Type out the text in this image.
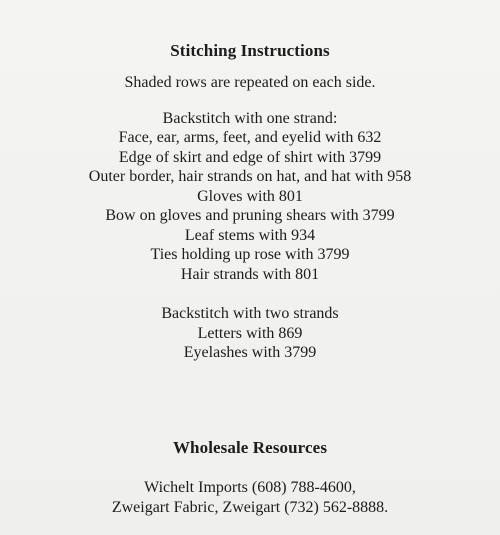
Stitching Instructions
Shaded rows are repeated on each side.
Backstitch with one strand:
Face, ear, arms, feet, and eyelid with 632
Edge of skirt and edge of shirt with 3799
Outer border, hair strands on hat, and hat with 958
Gloves with 801
Bow on gloves and pruning shears with 3799
Leaf stems with 934
Ties holding up rose with 3799
Hair strands with 801
Backstitch with two strands
Letters with 869
Eyelashes with 3799
Wholesale Resources
Wichelt Imports (608) 788-4600,
Zweigart Fabric, Zweigart (732) 562-8888.
